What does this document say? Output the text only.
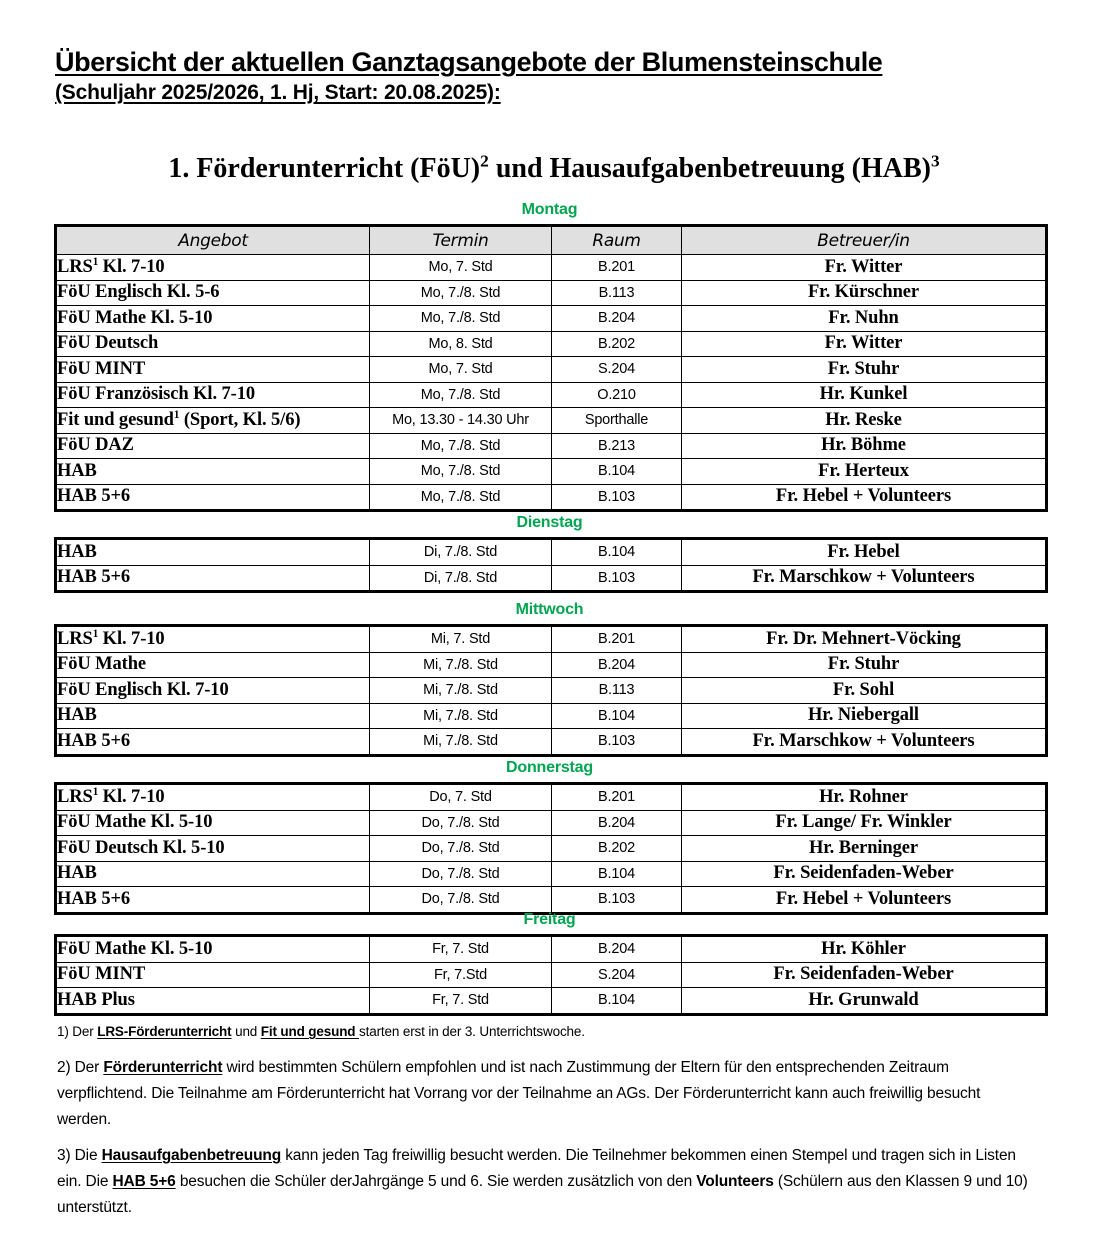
Übersicht der aktuellen Ganztagsangebote der Blumensteinschule
(Schuljahr 2025/2026, 1. Hj, Start: 20.08.2025):
1. Förderunterricht (FöU)$^2$ und Hausaufgabenbetreuung (HAB)$^3$
Montag
Angebot	Termin	Raum	Betreuer/in
LRS$^1$ Kl. 7-10	Mo, 7. Std	B.201	Fr. Witter
FöU Englisch Kl. 5-6	Mo, 7./8. Std	B.113	Fr. Kürschner
FöU Mathe Kl. 5-10	Mo, 7./8. Std	B.204	Fr. Nuhn
FöU Deutsch	Mo, 8. Std	B.202	Fr. Witter
FöU MINT	Mo, 7. Std	S.204	Fr. Stuhr
FöU Französisch Kl. 7-10	Mo, 7./8. Std	O.210	Hr. Kunkel
Fit und gesund$^1$ (Sport, Kl. 5/6)	Mo, 13.30 - 14.30 Uhr	Sporthalle	Hr. Reske
FöU DAZ	Mo, 7./8. Std	B.213	Hr. Böhme
HAB	Mo, 7./8. Std	B.104	Fr. Herteux
HAB 5+6	Mo, 7./8. Std	B.103	Fr. Hebel + Volunteers
Dienstag
HAB	Di, 7./8. Std	B.104	Fr. Hebel
HAB 5+6	Di, 7./8. Std	B.103	Fr. Marschkow + Volunteers
Mittwoch
LRS$^1$ Kl. 7-10	Mi, 7. Std	B.201	Fr. Dr. Mehnert-Vöcking
FöU Mathe	Mi, 7./8. Std	B.204	Fr. Stuhr
FöU Englisch Kl. 7-10	Mi, 7./8. Std	B.113	Fr. Sohl
HAB	Mi, 7./8. Std	B.104	Hr. Niebergall
HAB 5+6	Mi, 7./8. Std	B.103	Fr. Marschkow + Volunteers
Donnerstag
LRS$^1$ Kl. 7-10	Do, 7. Std	B.201	Hr. Rohner
FöU Mathe Kl. 5-10	Do, 7./8. Std	B.204	Fr. Lange/ Fr. Winkler
FöU Deutsch Kl. 5-10	Do, 7./8. Std	B.202	Hr. Berninger
HAB	Do, 7./8. Std	B.104	Fr. Seidenfaden-Weber
HAB 5+6	Do, 7./8. Std	B.103	Fr. Hebel + Volunteers
Freitag
FöU Mathe Kl. 5-10	Fr, 7. Std	B.204	Hr. Köhler
FöU MINT	Fr, 7.Std	S.204	Fr. Seidenfaden-Weber
HAB Plus	Fr, 7. Std	B.104	Hr. Grunwald

1) Der LRS-Förderunterricht und Fit und gesund starten erst in der 3. Unterrichtswoche.

2) Der Förderunterricht wird bestimmten Schülern empfohlen und ist nach Zustimmung der Eltern für den entsprechenden Zeitraum verpflichtend. Die Teilnahme am Förderunterricht hat Vorrang vor der Teilnahme an AGs. Der Förderunterricht kann auch freiwillig besucht werden.

3) Die Hausaufgabenbetreuung kann jeden Tag freiwillig besucht werden. Die Teilnehmer bekommen einen Stempel und tragen sich in Listen ein. Die HAB 5+6 besuchen die Schüler derJahrgänge 5 und 6. Sie werden zusätzlich von den Volunteers (Schülern aus den Klassen 9 und 10) unterstützt.
